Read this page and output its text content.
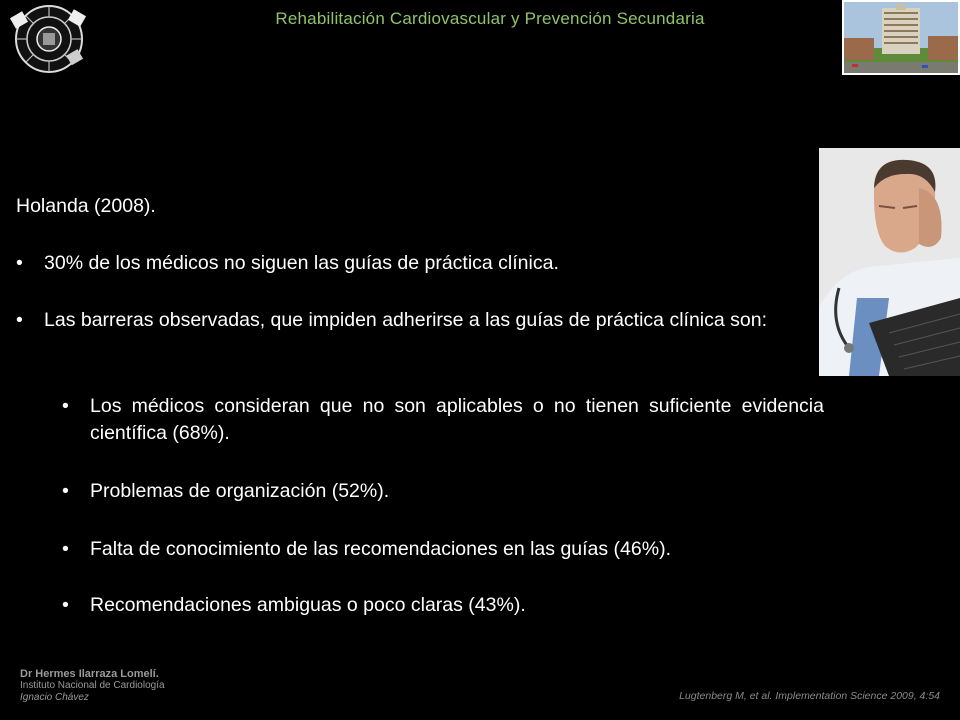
Rehabilitación Cardiovascular y Prevención Secundaria
Holanda (2008).
•	30% de los médicos no siguen las guías de práctica clínica.
•	Las barreras observadas, que impiden adherirse a las guías de práctica clínica son:
•	Los médicos consideran que no son aplicables o no tienen suficiente evidencia científica (68%).
•	Problemas de organización (52%).
•	Falta de conocimiento de las recomendaciones en las guías (46%).
•	Recomendaciones ambiguas o poco claras (43%).
Dr Hermes Ilarraza Lomelí.
Instituto Nacional de Cardiología
Ignacio Chávez	Lugtenberg M, et al. Implementation Science 2009, 4:54
